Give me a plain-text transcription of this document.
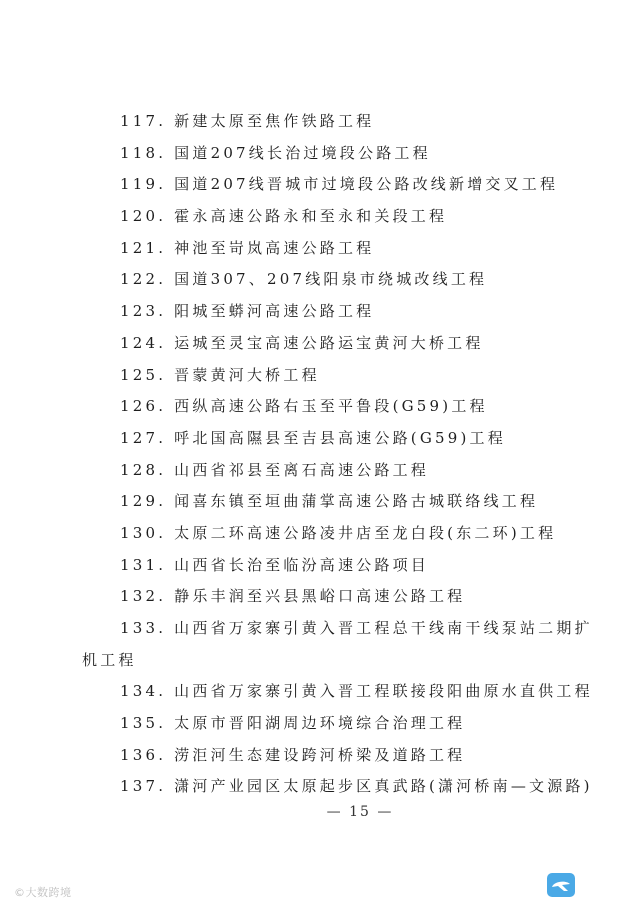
117. 新建太原至焦作铁路工程
118. 国道207线长治过境段公路工程
119. 国道207线晋城市过境段公路改线新增交叉工程
120. 霍永高速公路永和至永和关段工程
121. 神池至岢岚高速公路工程
122. 国道307、207线阳泉市绕城改线工程
123. 阳城至蟒河高速公路工程
124. 运城至灵宝高速公路运宝黄河大桥工程
125. 晋蒙黄河大桥工程
126. 西纵高速公路右玉至平鲁段(G59)工程
127. 呼北国高隰县至吉县高速公路(G59)工程
128. 山西省祁县至离石高速公路工程
129. 闻喜东镇至垣曲蒲掌高速公路古城联络线工程
130. 太原二环高速公路凌井店至龙白段(东二环)工程
131. 山西省长治至临汾高速公路项目
132. 静乐丰润至兴县黑峪口高速公路工程
133. 山西省万家寨引黄入晋工程总干线南干线泵站二期扩
机工程
134. 山西省万家寨引黄入晋工程联接段阳曲原水直供工程
135. 太原市晋阳湖周边环境综合治理工程
136. 涝洰河生态建设跨河桥梁及道路工程
137. 潇河产业园区太原起步区真武路(潇河桥南—文源路)
— 15 —
©大数跨境
